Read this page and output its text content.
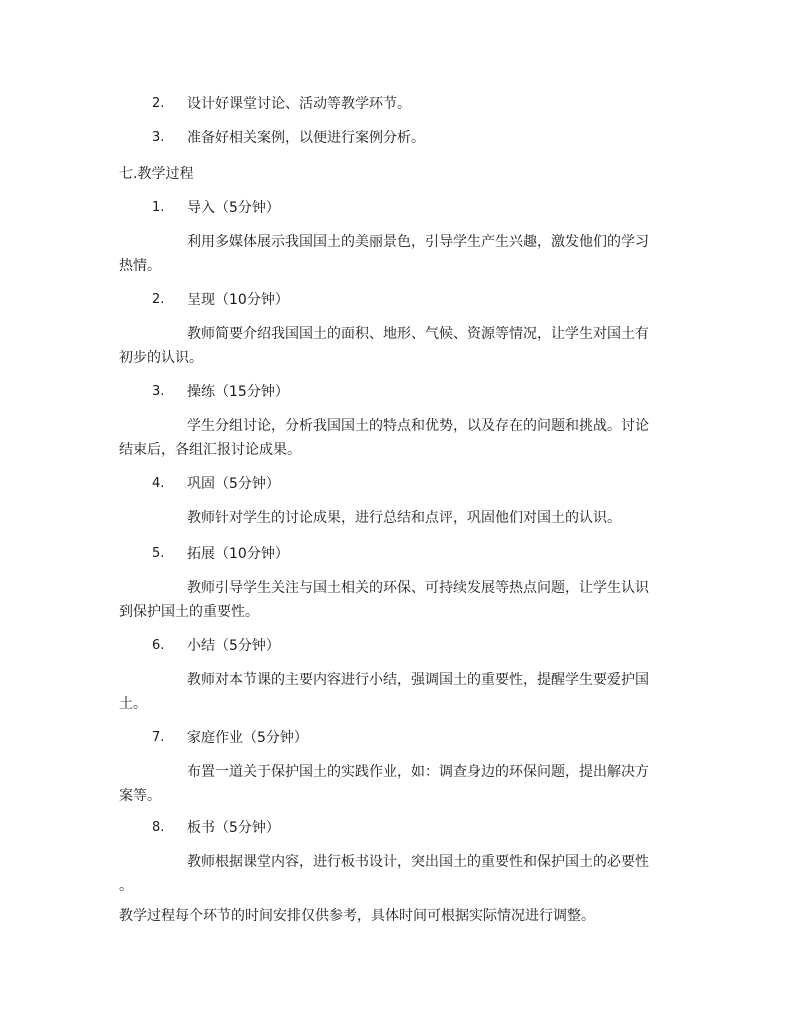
2.	设计好课堂讨论、活动等教学环节。
3.	准备好相关案例，以便进行案例分析。
七.教学过程
1.	导入（5分钟）
利用多媒体展示我国国土的美丽景色，引导学生产生兴趣，激发他们的学习
热情。
2.	呈现（10分钟）
教师简要介绍我国国土的面积、地形、气候、资源等情况，让学生对国土有
初步的认识。
3.	操练（15分钟）
学生分组讨论，分析我国国土的特点和优势，以及存在的问题和挑战。讨论
结束后，各组汇报讨论成果。
4.	巩固（5分钟）
教师针对学生的讨论成果，进行总结和点评，巩固他们对国土的认识。
5.	拓展（10分钟）
教师引导学生关注与国土相关的环保、可持续发展等热点问题，让学生认识
到保护国土的重要性。
6.	小结（5分钟）
教师对本节课的主要内容进行小结，强调国土的重要性，提醒学生要爱护国
土。
7.	家庭作业（5分钟）
布置一道关于保护国土的实践作业，如：调查身边的环保问题，提出解决方
案等。
8.	板书（5分钟）
教师根据课堂内容，进行板书设计，突出国土的重要性和保护国土的必要性
。
教学过程每个环节的时间安排仅供参考，具体时间可根据实际情况进行调整。
